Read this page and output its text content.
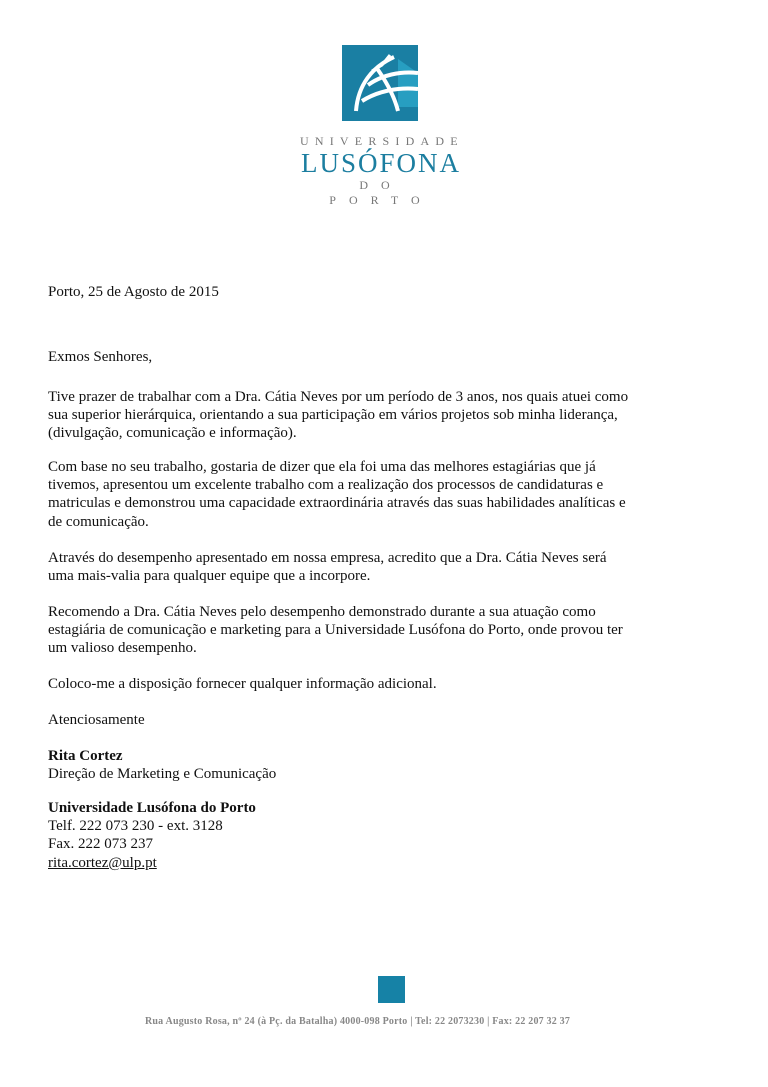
UNIVERSIDADE
LUSÓFONA
DO PORTO
Porto, 25 de Agosto de 2015
Exmos Senhores,
Tive prazer de trabalhar com a Dra. Cátia Neves por um período de 3 anos, nos quais atuei como
sua superior hierárquica, orientando a sua participação em vários projetos sob minha liderança,
(divulgação, comunicação e informação).
Com base no seu trabalho, gostaria de dizer que ela foi uma das melhores estagiárias que já
tivemos, apresentou um excelente trabalho com a realização dos processos de candidaturas e
matriculas e demonstrou uma capacidade extraordinária através das suas habilidades analíticas e
de comunicação.
Através do desempenho apresentado em nossa empresa, acredito que a Dra. Cátia Neves será
uma mais-valia para qualquer equipe que a incorpore.
Recomendo a Dra. Cátia Neves pelo desempenho demonstrado durante a sua atuação como
estagiária de comunicação e marketing para a Universidade Lusófona do Porto, onde provou ter
um valioso desempenho.
Coloco-me a disposição fornecer qualquer informação adicional.
Atenciosamente
Rita Cortez
Direção de Marketing e Comunicação
Universidade Lusófona do Porto
Telf. 222 073 230 - ext. 3128
Fax. 222 073 237
rita.cortez@ulp.pt
Rua Augusto Rosa, nº 24 (à Pç. da Batalha) 4000-098 Porto | Tel: 22 2073230 | Fax: 22 207 32 37
